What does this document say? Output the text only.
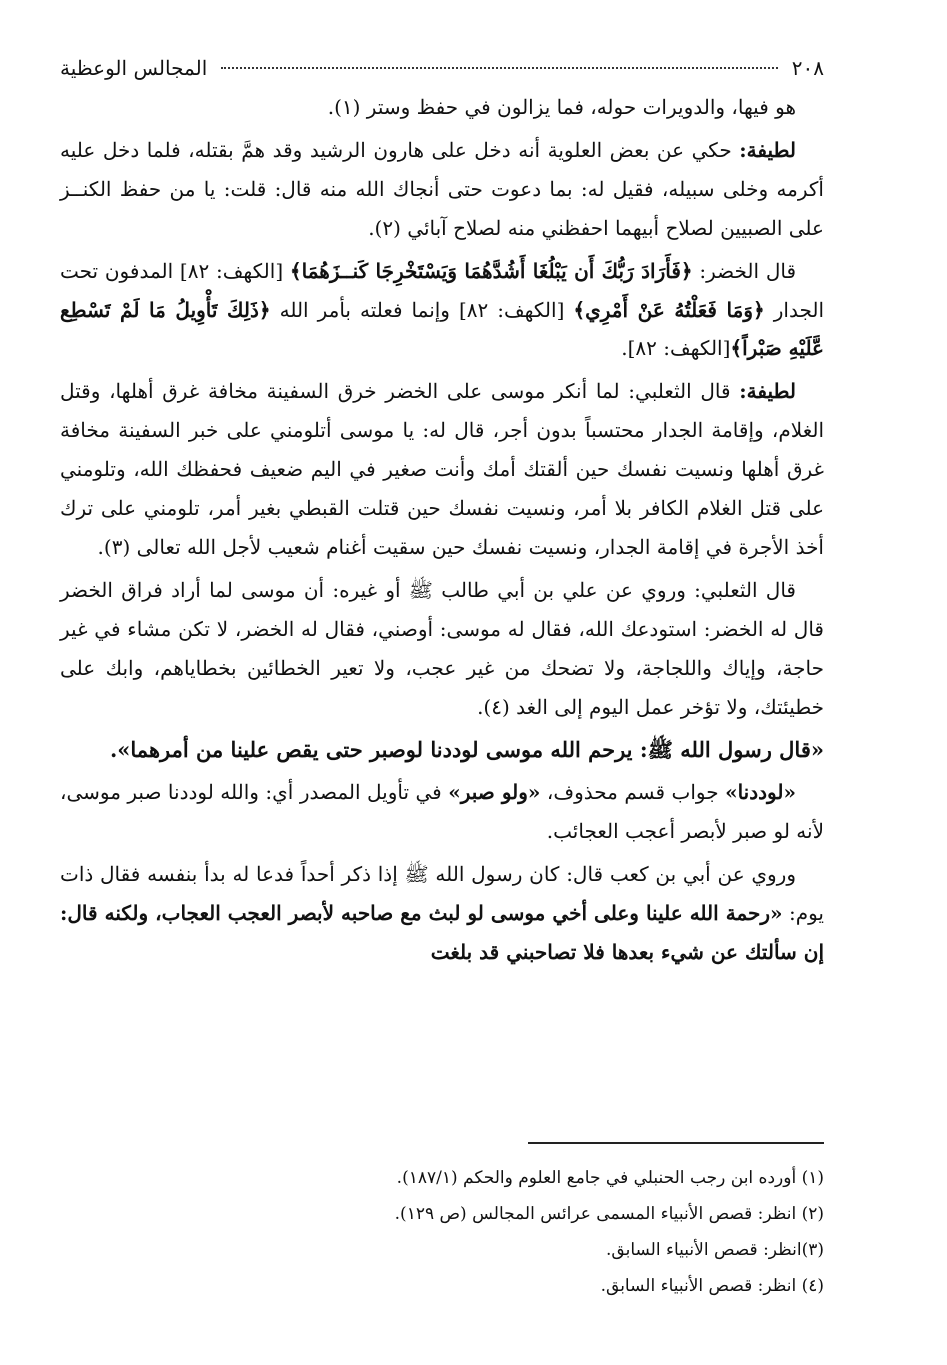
٢٠٨
المجالس الوعظية

هو فيها، والدويرات حوله، فما يزالون في حفظ وستر (١).

لطيفة: حكي عن بعض العلوية أنه دخل على هارون الرشيد وقد همَّ بقتله، فلما دخل عليه أكرمه وخلى سبيله، فقيل له: بما دعوت حتى أنجاك الله منه قال: قلت: يا من حفظ الكنــز على الصبيين لصلاح أبيهما احفظني منه لصلاح آبائي (٢).

قال الخضر: ﴿فَأَرَادَ رَبُّكَ أَن يَبْلُغَا أَشُدَّهُمَا وَيَسْتَخْرِجَا كَنــزَهُمَا﴾ [الكهف: ٨٢] المدفون تحت الجدار ﴿وَمَا فَعَلْتُهُ عَنْ أَمْرِي﴾ [الكهف: ٨٢] وإنما فعلته بأمر الله ﴿ذَلِكَ تَأْوِيلُ مَا لَمْ تَسْطِع عَّلَيْهِ صَبْراً﴾[الكهف: ٨٢].

لطيفة: قال الثعلبي: لما أنكر موسى على الخضر خرق السفينة مخافة غرق أهلها، وقتل الغلام، وإقامة الجدار محتسباً بدون أجر، قال له: يا موسى أتلومني على خبر السفينة مخافة غرق أهلها ونسيت نفسك حين ألقتك أمك وأنت صغير في اليم ضعيف فحفظك الله، وتلومني على قتل الغلام الكافر بلا أمر، ونسيت نفسك حين قتلت القبطي بغير أمر، تلومني على ترك أخذ الأجرة في إقامة الجدار، ونسيت نفسك حين سقيت أغنام شعيب لأجل الله تعالى (٣).

قال الثعلبي: وروي عن علي بن أبي طالب ﷺ أو غيره: أن موسى لما أراد فراق الخضر قال له الخضر: استودعك الله، فقال له موسى: أوصني، فقال له الخضر، لا تكن مشاء في غير حاجة، وإياك واللجاجة، ولا تضحك من غير عجب، ولا تعير الخطائين بخطاياهم، وابك على خطيئتك، ولا تؤخر عمل اليوم إلى الغد (٤).

«قال رسول الله ﷺ: يرحم الله موسى لوددنا لوصبر حتى يقص علينا من أمرهما».

«لوددنا» جواب قسم محذوف، «ولو صبر» في تأويل المصدر أي: والله لوددنا صبر موسى، لأنه لو صبر لأبصر أعجب العجائب.

وروي عن أبي بن كعب قال: كان رسول الله ﷺ إذا ذكر أحداً فدعا له بدأ بنفسه فقال ذات يوم: «رحمة الله علينا وعلى أخي موسى لو لبث مع صاحبه لأبصر العجب العجاب، ولكنه قال: إن سألتك عن شيء بعدها فلا تصاحبني قد بلغت

(١) أورده ابن رجب الحنبلي في جامع العلوم والحكم (١٨٧/١).
(٢) انظر: قصص الأنبياء المسمى عرائس المجالس (ص ١٢٩).
(٣)انظر: قصص الأنبياء السابق.
(٤) انظر: قصص الأنبياء السابق.
